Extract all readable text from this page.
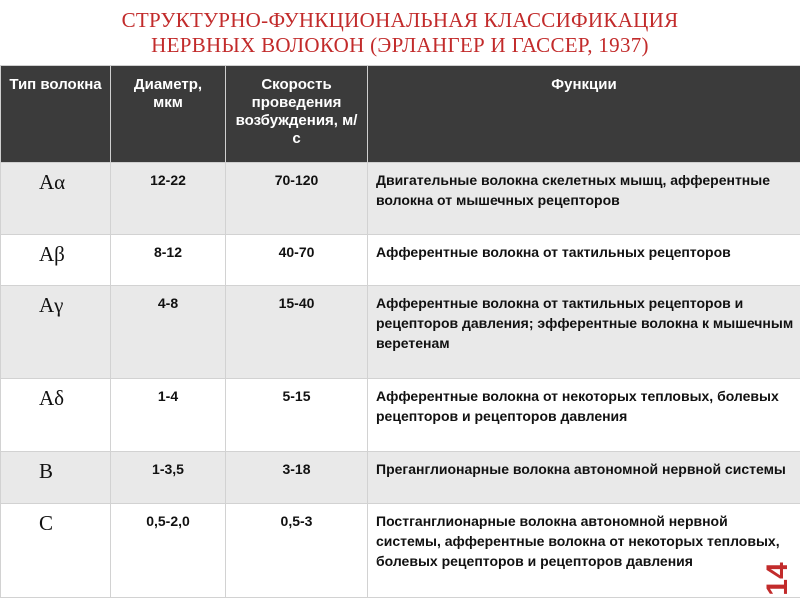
СТРУКТУРНО-ФУНКЦИОНАЛЬНАЯ КЛАССИФИКАЦИЯ
НЕРВНЫХ ВОЛОКОН (ЭРЛАНГЕР И ГАССЕР, 1937)
Тип волокна	Диаметр, мкм	Скорость проведения возбуждения, м/с	Функции
Aα	12-22	70-120	Двигательные волокна скелетных мышц, афферентные волокна от мышечных рецепторов
Aβ	8-12	40-70	Афферентные волокна от тактильных рецепторов
Aγ	4-8	15-40	Афферентные волокна от тактильных рецепторов и рецепторов давления; эфферентные волокна к мышечным веретенам
Aδ	1-4	5-15	Афферентные волокна от некоторых тепловых, болевых рецепторов и рецепторов давления
B	1-3,5	3-18	Преганглионарные волокна автономной нервной системы
C	0,5-2,0	0,5-3	Постганглионарные волокна автономной нервной системы, афферентные волокна от некоторых тепловых, болевых рецепторов и рецепторов давления
14
